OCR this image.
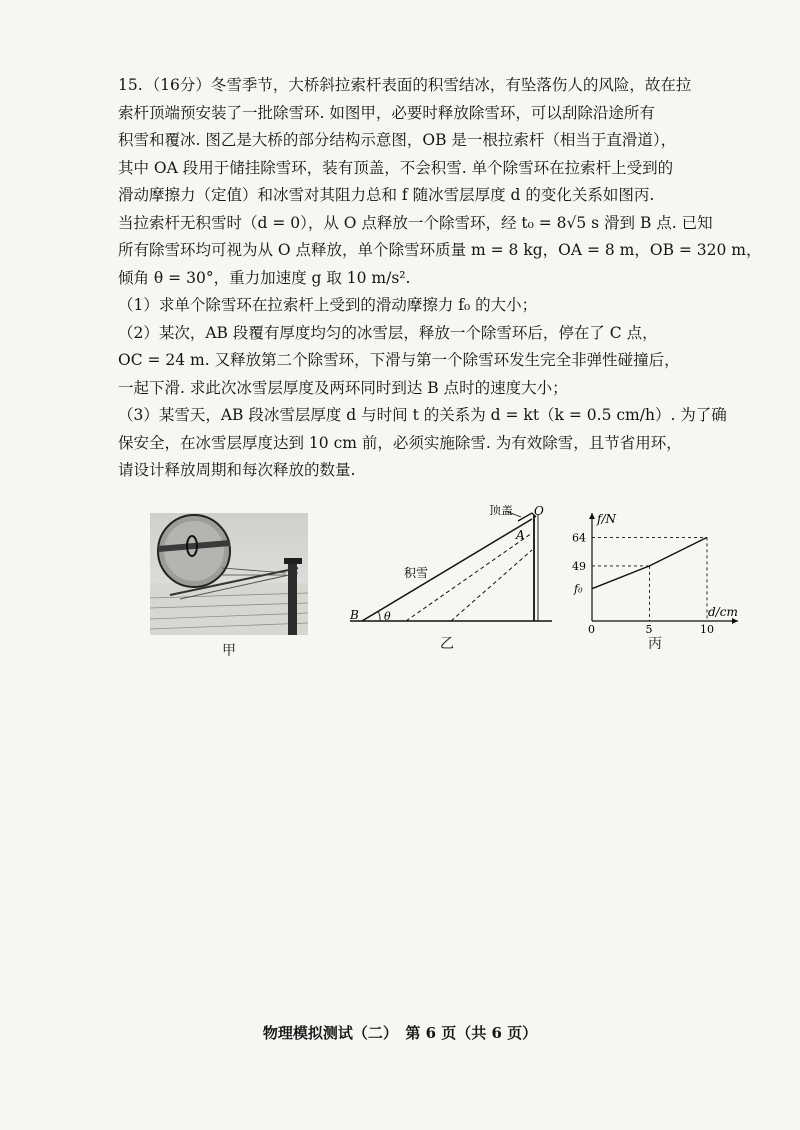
15. （16分）冬雪季节，大桥斜拉索杆表面的积雪结冰，有坠落伤人的风险，故在拉
索杆顶端预安装了一批除雪环. 如图甲，必要时释放除雪环，可以刮除沿途所有
积雪和覆冰. 图乙是大桥的部分结构示意图，OB 是一根拉索杆（相当于直滑道），
其中 OA 段用于储挂除雪环，装有顶盖，不会积雪. 单个除雪环在拉索杆上受到的
滑动摩擦力（定值）和冰雪对其阻力总和 f 随冰雪层厚度 d 的变化关系如图丙.
当拉索杆无积雪时（d = 0），从 O 点释放一个除雪环，经 t₀ = 8√5 s 滑到 B 点. 已知
所有除雪环均可视为从 O 点释放，单个除雪环质量 m = 8 kg，OA = 8 m，OB = 320 m，
倾角 θ = 30°，重力加速度 g 取 10 m/s².
（1）求单个除雪环在拉索杆上受到的滑动摩擦力 f₀ 的大小；
（2）某次，AB 段覆有厚度均匀的冰雪层，释放一个除雪环后，停在了 C 点，
OC = 24 m. 又释放第二个除雪环，下滑与第一个除雪环发生完全非弹性碰撞后，
一起下滑. 求此次冰雪层厚度及两环同时到达 B 点时的速度大小；
（3）某雪天，AB 段冰雪层厚度 d 与时间 t 的关系为 d = kt（k = 0.5 cm/h）. 为了确
保安全，在冰雪层厚度达到 10 cm 前，必须实施除雪. 为有效除雪，且节省用环，
请设计释放周期和每次释放的数量.
甲
顶盖 O
A
B θ
积雪
乙
f/N
d/cm
64
49
f₀
0	5	10
丙
物理模拟测试（二）　第 6 页（共 6 页）
